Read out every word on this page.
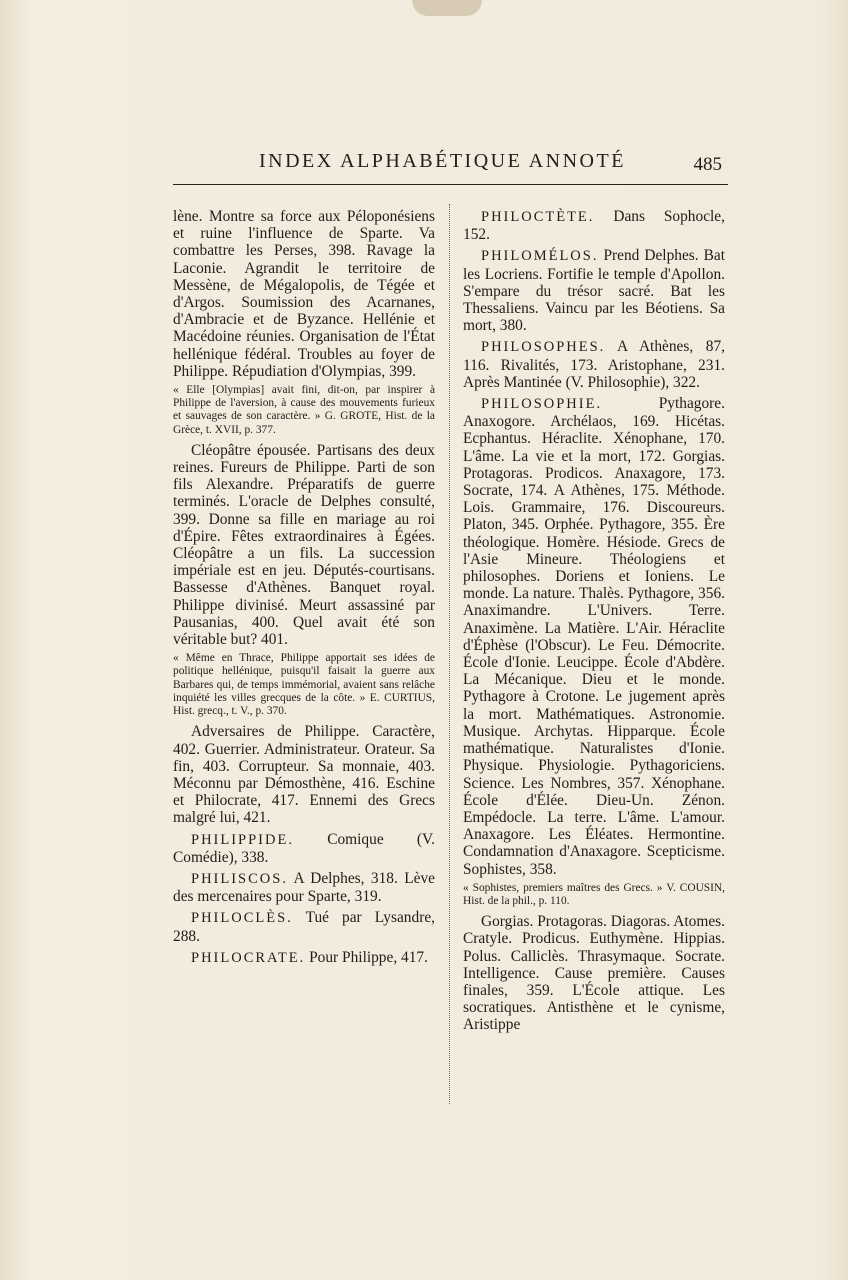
INDEX ALPHABÉTIQUE ANNOTÉ	485

lène. Montre sa force aux Péloponésiens et ruine l'influence de Sparte. Va combattre les Perses, 398. Ravage la Laconie. Agrandit le territoire de Messène, de Mégalopolis, de Tégée et d'Argos. Soumission des Acarnanes, d'Ambracie et de Byzance. Hellénie et Macédoine réunies. Organisation de l'État hellénique fédéral. Troubles au foyer de Philippe. Répudiation d'Olympias, 399.

« Elle [Olympias] avait fini, dit-on, par inspirer à Philippe de l'aversion, à cause des mouvements furieux et sauvages de son caractère. » G. GROTE, Hist. de la Grèce, t. XVII, p. 377.

Cléopâtre épousée. Partisans des deux reines. Fureurs de Philippe. Parti de son fils Alexandre. Préparatifs de guerre terminés. L'oracle de Delphes consulté, 399. Donne sa fille en mariage au roi d'Épire. Fêtes extraordinaires à Égées. Cléopâtre a un fils. La succession impériale est en jeu. Députés-courtisans. Bassesse d'Athènes. Banquet royal. Philippe divinisé. Meurt assassiné par Pausanias, 400. Quel avait été son véritable but? 401.

« Même en Thrace, Philippe apportait ses idées de politique hellénique, puisqu'il faisait la guerre aux Barbares qui, de temps immémorial, avaient sans relâche inquiété les villes grecques de la côte. » E. CURTIUS, Hist. grecq., t. V., p. 370.

Adversaires de Philippe. Caractère, 402. Guerrier. Administrateur. Orateur. Sa fin, 403. Corrupteur. Sa monnaie, 403. Méconnu par Démosthène, 416. Eschine et Philocrate, 417. Ennemi des Grecs malgré lui, 421.

PHILIPPIDE. Comique (V. Comédie), 338.

PHILISCOS. A Delphes, 318. Lève des mercenaires pour Sparte, 319.

PHILOCLÈS. Tué par Lysandre, 288.

PHILOCRATE. Pour Philippe, 417.

PHILOCTÈTE. Dans Sophocle, 152.

PHILOMÉLOS. Prend Delphes. Bat les Locriens. Fortifie le temple d'Apollon. S'empare du trésor sacré. Bat les Thessaliens. Vaincu par les Béotiens. Sa mort, 380.

PHILOSOPHES. A Athènes, 87, 116. Rivalités, 173. Aristophane, 231. Après Mantinée (V. Philosophie), 322.

PHILOSOPHIE.	Pythagore. Anaxogore. Archélaos, 169. Hicétas. Ecphantus. Héraclite. Xénophane, 170. L'âme. La vie et la mort, 172. Gorgias. Protagoras. Prodicos. Anaxagore, 173. Socrate, 174. A Athènes, 175. Méthode. Lois. Grammaire, 176. Discoureurs. Platon, 345. Orphée. Pythagore, 355. Ère théologique. Homère. Hésiode. Grecs de l'Asie Mineure. Théologiens et philosophes. Doriens et Ioniens. Le monde. La nature. Thalès. Pythagore, 356. Anaximandre. L'Univers. Terre. Anaximène. La Matière. L'Air. Héraclite d'Éphèse (l'Obscur). Le Feu. Démocrite. École d'Ionie. Leucippe. École d'Abdère. La Mécanique. Dieu et le monde. Pythagore à Crotone. Le jugement après la mort. Mathématiques. Astronomie. Musique. Archytas. Hipparque. École mathématique. Naturalistes d'Ionie. Physique. Physiologie. Pythagoriciens. Science. Les Nombres, 357. Xénophane. École d'Élée. Dieu-Un. Zénon. Empédocle. La terre. L'âme. L'amour. Anaxagore. Les Éléates. Hermontine. Condamnation d'Anaxagore. Scepticisme. Sophistes, 358.

« Sophistes, premiers maîtres des Grecs. » V. COUSIN, Hist. de la phil., p. 110.

Gorgias. Protagoras. Diagoras. Atomes. Cratyle. Prodicus. Euthymène. Hippias. Polus. Calliclès. Thrasymaque. Socrate. Intelligence. Cause première. Causes finales, 359. L'École attique. Les socratiques. Antisthène et le cynisme, Aristippe
